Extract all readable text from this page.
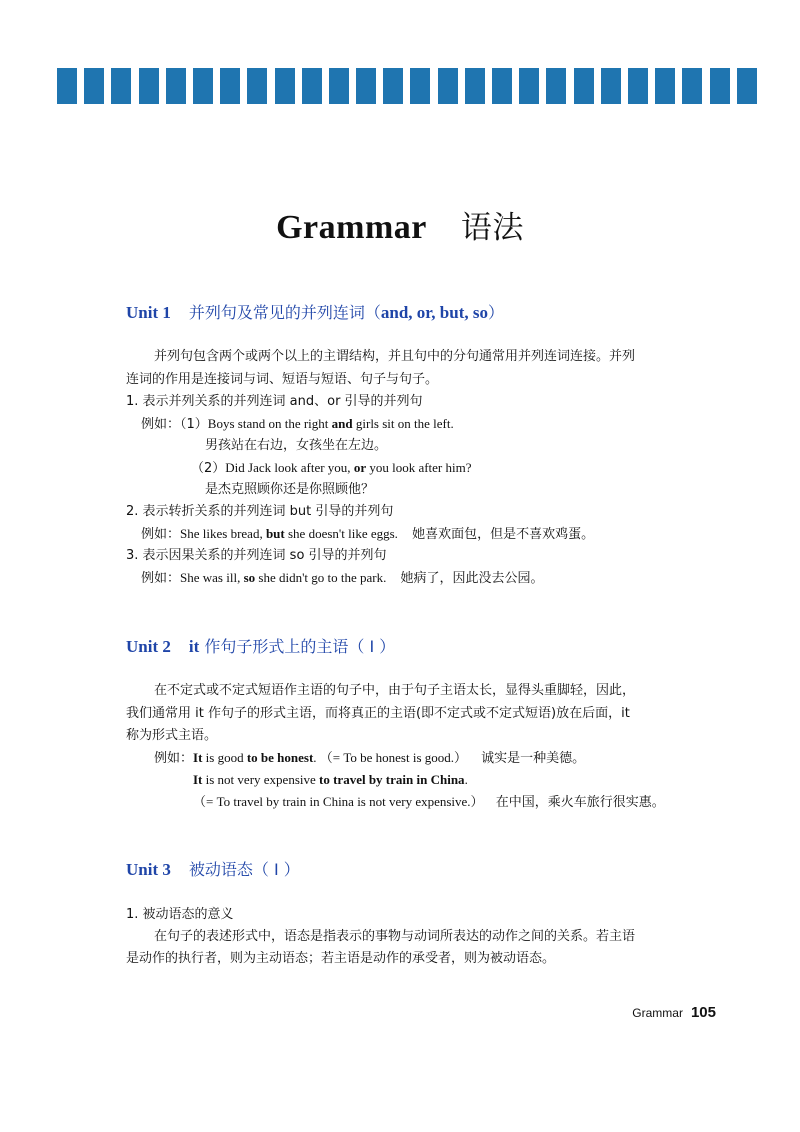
Grammar 语法
Unit 1 并列句及常见的并列连词（and, or, but, so）
并列句包含两个或两个以上的主谓结构，并且句中的分句通常用并列连词连接。并列
连词的作用是连接词与词、短语与短语、句子与句子。
1. 表示并列关系的并列连词 and、or 引导的并列句
例如：（1）Boys stand on the right and girls sit on the left.
男孩站在右边，女孩坐在左边。
（2）Did Jack look after you, or you look after him?
是杰克照顾你还是你照顾他？
2. 表示转折关系的并列连词 but 引导的并列句
例如：She likes bread, but she doesn't like eggs. 她喜欢面包，但是不喜欢鸡蛋。
3. 表示因果关系的并列连词 so 引导的并列句
例如：She was ill, so she didn't go to the park. 她病了，因此没去公园。
Unit 2 it 作句子形式上的主语（ I ）
在不定式或不定式短语作主语的句子中，由于句子主语太长，显得头重脚轻，因此，
我们通常用 it 作句子的形式主语，而将真正的主语(即不定式或不定式短语)放在后面，it
称为形式主语。
例如：It is good to be honest. （= To be honest is good.） 诚实是一种美德。
It is not very expensive to travel by train in China.
（= To travel by train in China is not very expensive.） 在中国，乘火车旅行很实惠。
Unit 3 被动语态（ I ）
1. 被动语态的意义
在句子的表述形式中，语态是指表示的事物与动词所表达的动作之间的关系。若主语
是动作的执行者，则为主动语态；若主语是动作的承受者，则为被动语态。
Grammar 105
